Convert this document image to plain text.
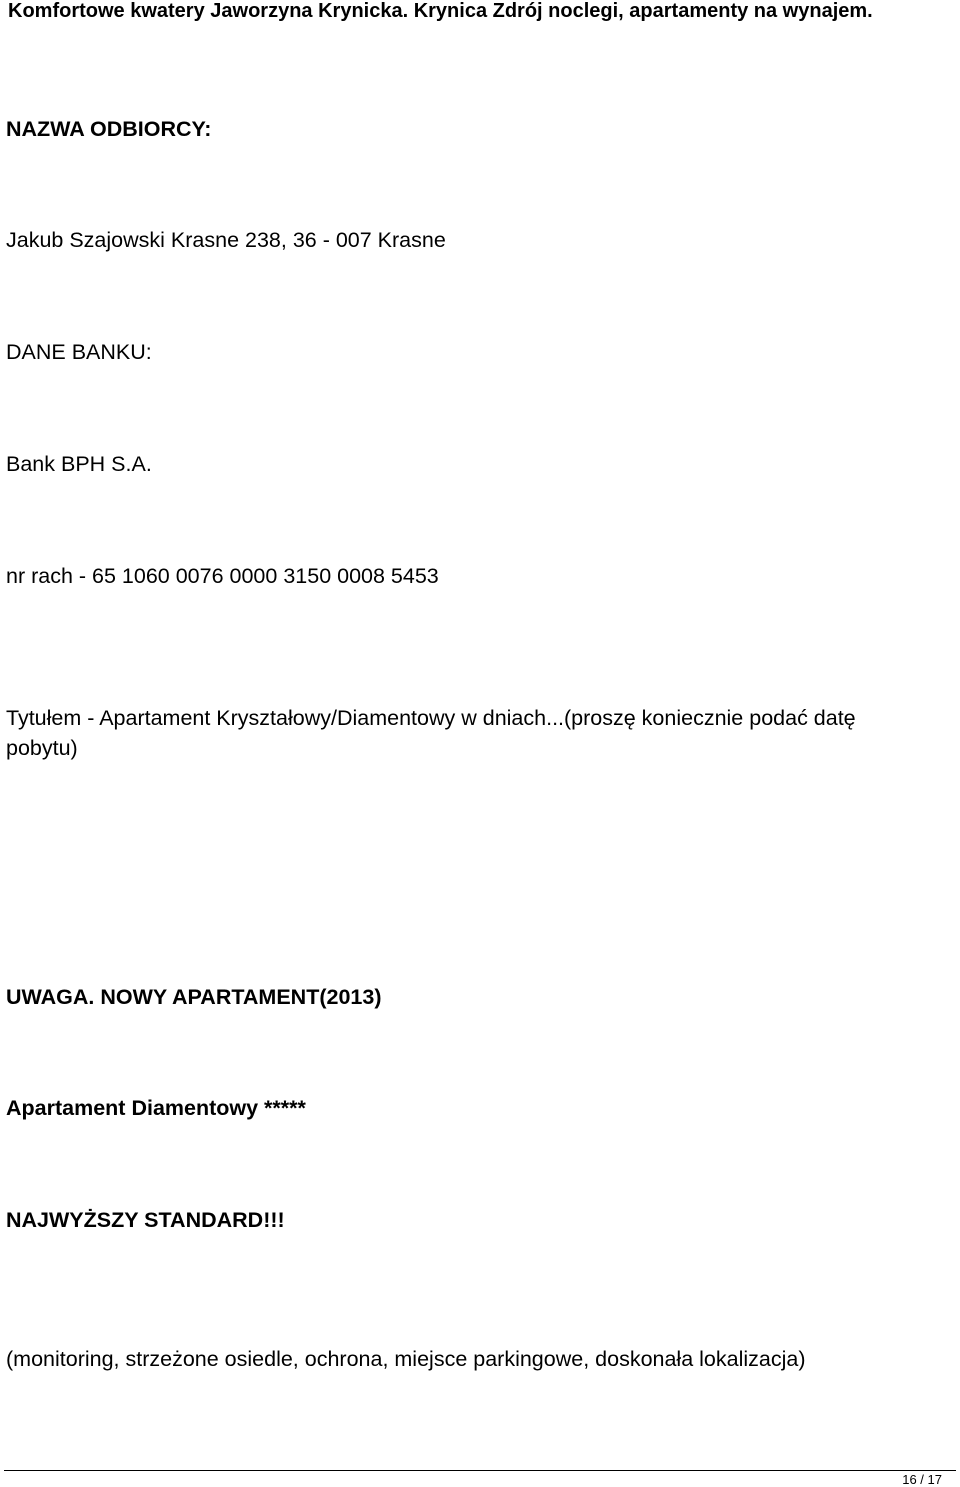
Komfortowe kwatery Jaworzyna Krynicka. Krynica Zdrój noclegi, apartamenty na wynajem.
NAZWA ODBIORCY:
Jakub Szajowski Krasne 238, 36 - 007 Krasne
DANE BANKU:
Bank BPH S.A.
nr rach - 65 1060 0076 0000 3150 0008 5453
Tytułem - Apartament Kryształowy/Diamentowy w dniach...(proszę koniecznie podać datę pobytu)
UWAGA. NOWY APARTAMENT(2013)
Apartament Diamentowy *****
NAJWYŻSZY STANDARD!!!
(monitoring, strzeżone osiedle, ochrona, miejsce parkingowe, doskonała lokalizacja)
16 / 17
